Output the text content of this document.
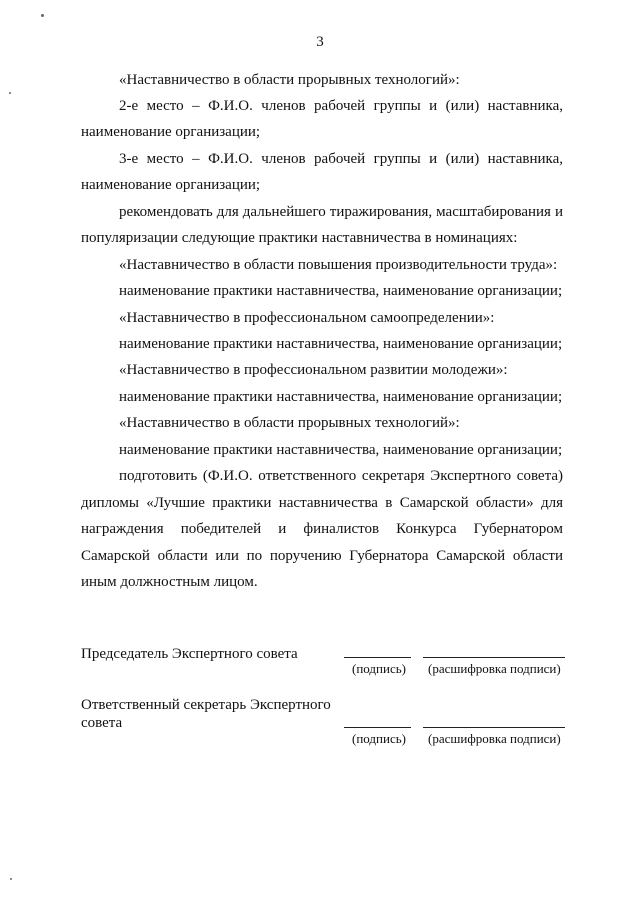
3
«Наставничество в области прорывных технологий»:
2-е место – Ф.И.О. членов рабочей группы и (или) наставника,
наименование организации;
3-е место – Ф.И.О. членов рабочей группы и (или) наставника,
наименование организации;
рекомендовать для дальнейшего тиражирования, масштабирования и
популяризации следующие практики наставничества в номинациях:
«Наставничество в области повышения производительности труда»:
наименование практики наставничества, наименование организации;
«Наставничество в профессиональном самоопределении»:
наименование практики наставничества, наименование организации;
«Наставничество в профессиональном развитии молодежи»:
наименование практики наставничества, наименование организации;
«Наставничество в области прорывных технологий»:
наименование практики наставничества, наименование организации;
подготовить (Ф.И.О. ответственного секретаря Экспертного совета)
дипломы «Лучшие практики наставничества в Самарской области» для
награждения победителей и финалистов Конкурса Губернатором
Самарской области или по поручению Губернатора Самарской области
иным должностным лицом.
Председатель Экспертного совета
(подпись) (расшифровка подписи)
Ответственный секретарь Экспертного
совета
(подпись) (расшифровка подписи)
